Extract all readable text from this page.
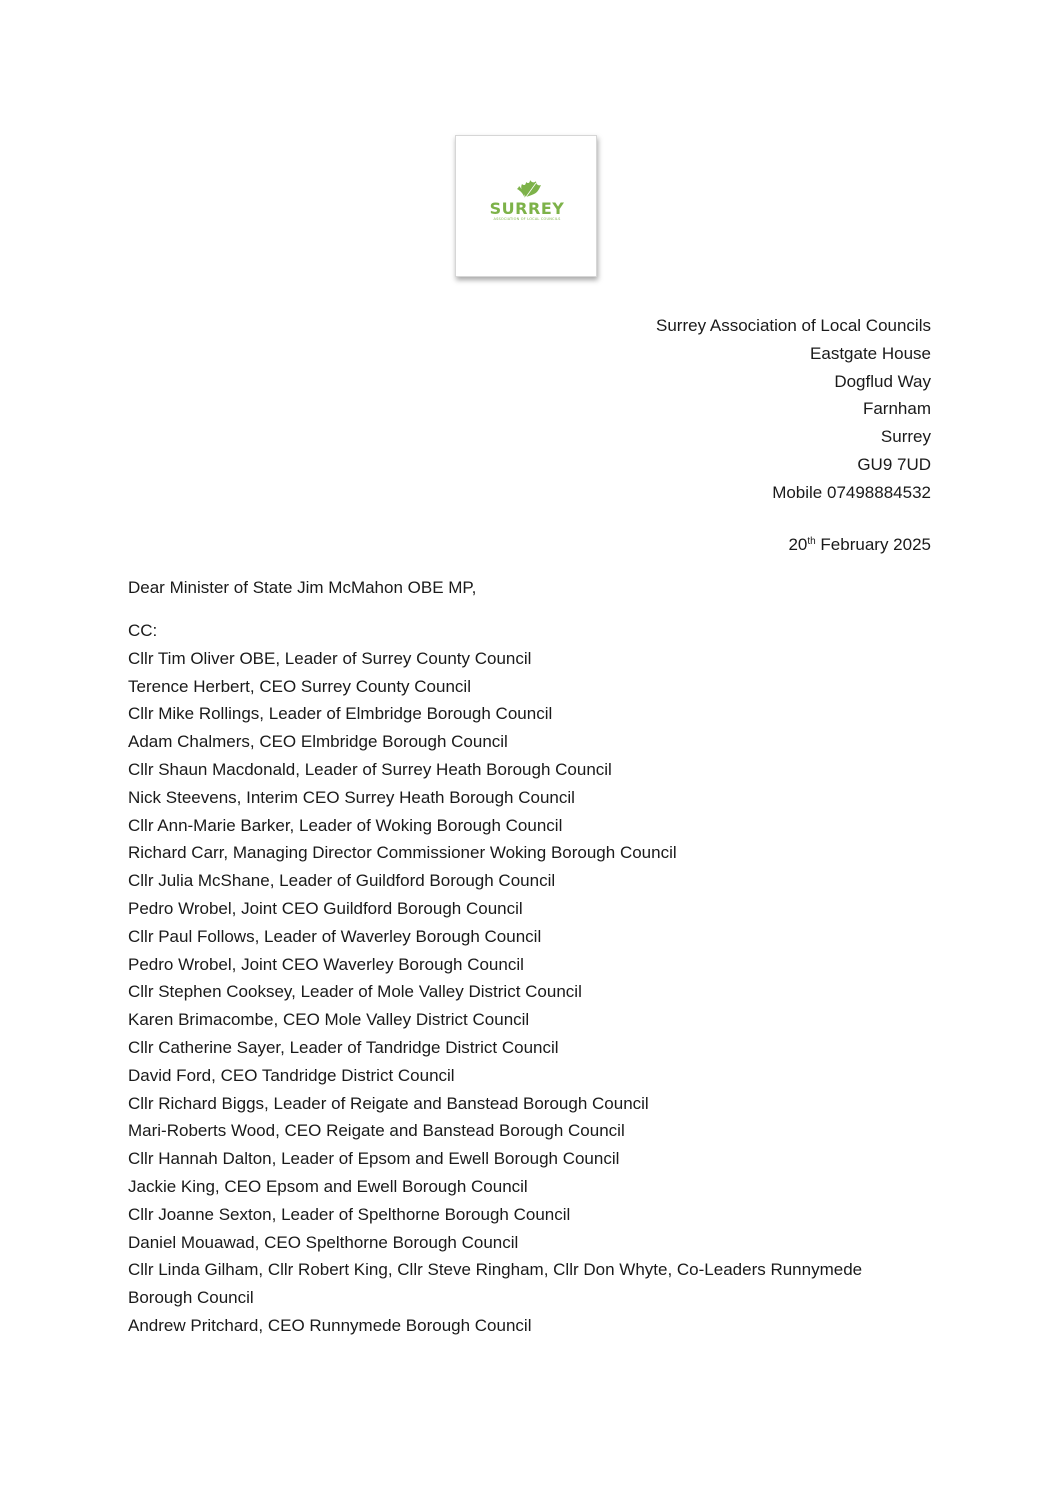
SURREY
ASSOCIATION OF LOCAL COUNCILS
Surrey Association of Local Councils
Eastgate House
Dogflud Way
Farnham
Surrey
GU9 7UD
Mobile 07498884532
20th February 2025
Dear Minister of State Jim McMahon OBE MP,
CC:
Cllr Tim Oliver OBE, Leader of Surrey County Council
Terence Herbert, CEO Surrey County Council
Cllr Mike Rollings, Leader of Elmbridge Borough Council
Adam Chalmers, CEO Elmbridge Borough Council
Cllr Shaun Macdonald, Leader of Surrey Heath Borough Council
Nick Steevens, Interim CEO Surrey Heath Borough Council
Cllr Ann-Marie Barker, Leader of Woking Borough Council
Richard Carr, Managing Director Commissioner Woking Borough Council
Cllr Julia McShane, Leader of Guildford Borough Council
Pedro Wrobel, Joint CEO Guildford Borough Council
Cllr Paul Follows, Leader of Waverley Borough Council
Pedro Wrobel, Joint CEO Waverley Borough Council
Cllr Stephen Cooksey, Leader of Mole Valley District Council
Karen Brimacombe, CEO Mole Valley District Council
Cllr Catherine Sayer, Leader of Tandridge District Council
David Ford, CEO Tandridge District Council
Cllr Richard Biggs, Leader of Reigate and Banstead Borough Council
Mari-Roberts Wood, CEO Reigate and Banstead Borough Council
Cllr Hannah Dalton, Leader of Epsom and Ewell Borough Council
Jackie King, CEO Epsom and Ewell Borough Council
Cllr Joanne Sexton, Leader of Spelthorne Borough Council
Daniel Mouawad, CEO Spelthorne Borough Council
Cllr Linda Gilham, Cllr Robert King, Cllr Steve Ringham, Cllr Don Whyte, Co-Leaders Runnymede Borough Council
Andrew Pritchard, CEO Runnymede Borough Council
